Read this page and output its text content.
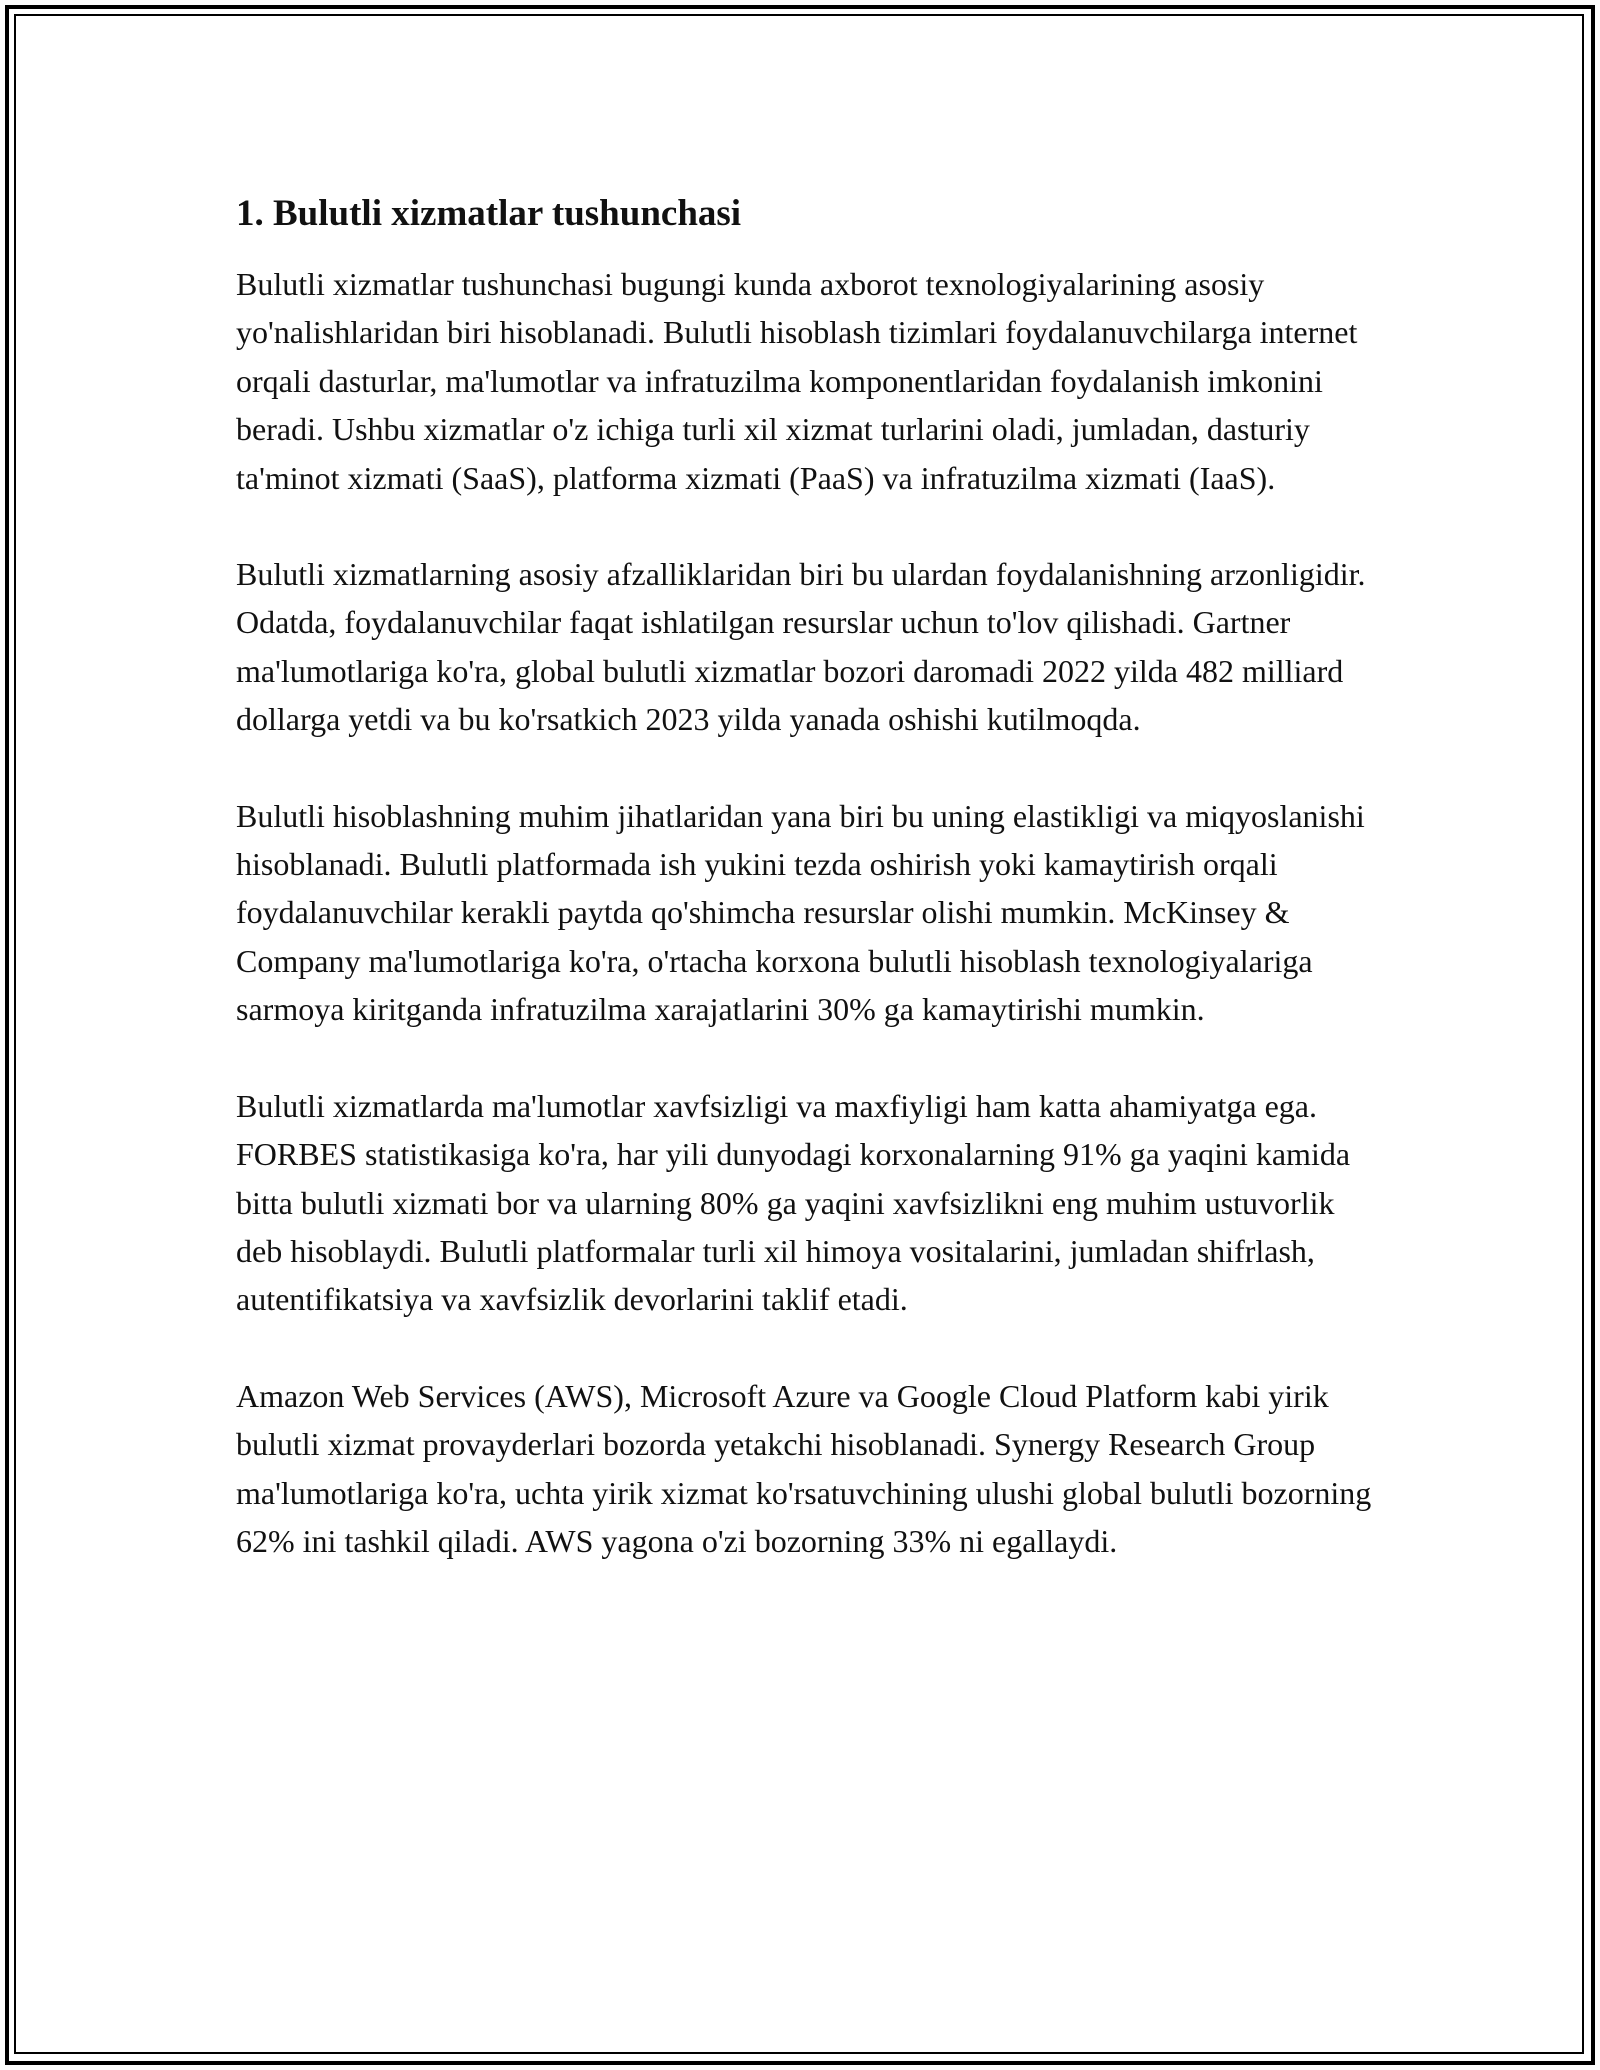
1. Bulutli xizmatlar tushunchasi

Bulutli xizmatlar tushunchasi bugungi kunda axborot texnologiyalarining asosiy yo'nalishlaridan biri hisoblanadi. Bulutli hisoblash tizimlari foydalanuvchilarga internet orqali dasturlar, ma'lumotlar va infratuzilma komponentlaridan foydalanish imkonini beradi. Ushbu xizmatlar o'z ichiga turli xil xizmat turlarini oladi, jumladan, dasturiy ta'minot xizmati (SaaS), platforma xizmati (PaaS) va infratuzilma xizmati (IaaS).

Bulutli xizmatlarning asosiy afzalliklaridan biri bu ulardan foydalanishning arzonligidir. Odatda, foydalanuvchilar faqat ishlatilgan resurslar uchun to'lov qilishadi. Gartner ma'lumotlariga ko'ra, global bulutli xizmatlar bozori daromadi 2022 yilda 482 milliard dollarga yetdi va bu ko'rsatkich 2023 yilda yanada oshishi kutilmoqda.

Bulutli hisoblashning muhim jihatlaridan yana biri bu uning elastikligi va miqyoslanishi hisoblanadi. Bulutli platformada ish yukini tezda oshirish yoki kamaytirish orqali foydalanuvchilar kerakli paytda qo'shimcha resurslar olishi mumkin. McKinsey & Company ma'lumotlariga ko'ra, o'rtacha korxona bulutli hisoblash texnologiyalariga sarmoya kiritganda infratuzilma xarajatlarini 30% ga kamaytirishi mumkin.

Bulutli xizmatlarda ma'lumotlar xavfsizligi va maxfiyligi ham katta ahamiyatga ega. FORBES statistikasiga ko'ra, har yili dunyodagi korxonalarning 91% ga yaqini kamida bitta bulutli xizmati bor va ularning 80% ga yaqini xavfsizlikni eng muhim ustuvorlik deb hisoblaydi. Bulutli platformalar turli xil himoya vositalarini, jumladan shifrlash, autentifikatsiya va xavfsizlik devorlarini taklif etadi.

Amazon Web Services (AWS), Microsoft Azure va Google Cloud Platform kabi yirik bulutli xizmat provayderlari bozorda yetakchi hisoblanadi. Synergy Research Group ma'lumotlariga ko'ra, uchta yirik xizmat ko'rsatuvchining ulushi global bulutli bozorning 62% ini tashkil qiladi. AWS yagona o'zi bozorning 33% ni egallaydi.
